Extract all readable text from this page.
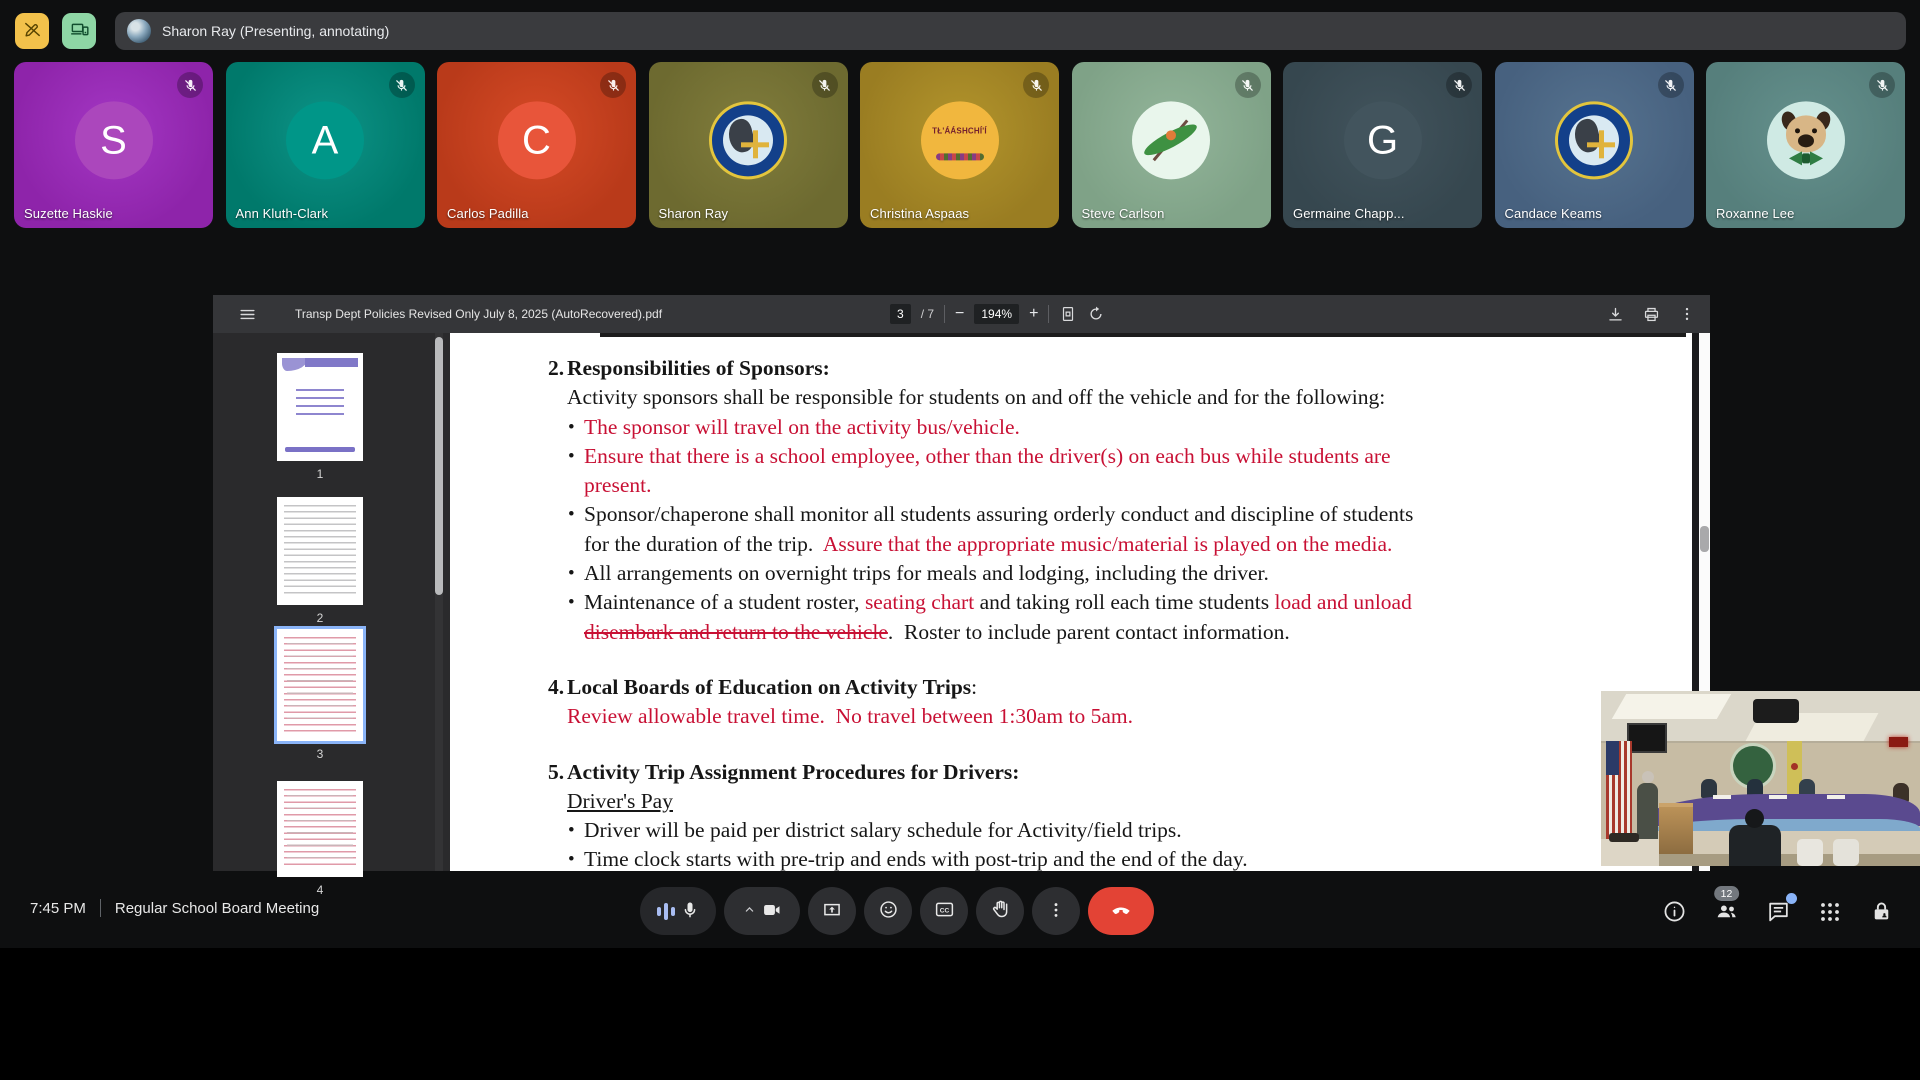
Sharon Ray (Presenting, annotating)
S
Suzette Haskie
A
Ann Kluth-Clark
C
Carlos Padilla	Sharon Ray
TŁ'ÁÁSHCHÍ'Í
Christina Aspaas	Steve Carlson
G
Germaine Chapp...	Candace Keams	Roxanne Lee
Transp Dept Policies Revised Only July 8, 2025 (AutoRecovered).pdf	3	/ 7 −	194%	+
1
2
3
4
2. Responsibilities of Sponsors:
Activity sponsors shall be responsible for students on and off the vehicle and for the following:
• The sponsor will travel on the activity bus/vehicle.
• Ensure that there is a school employee, other than the driver(s) on each bus while students are
present.
• Sponsor/chaperone shall monitor all students assuring orderly conduct and discipline of students
for the duration of the trip.  Assure that the appropriate music/material is played on the media.
• All arrangements on overnight trips for meals and lodging, including the driver.
• Maintenance of a student roster, seating chart and taking roll each time students load and unload
disembark and return to the vehicle.  Roster to include parent contact information.
4. Local Boards of Education on Activity Trips:
Review allowable travel time.  No travel between 1:30am to 5am.
5. Activity Trip Assignment Procedures for Drivers:
Driver's Pay
• Driver will be paid per district salary schedule for Activity/field trips.
• Time clock starts with pre-trip and ends with post-trip and the end of the day.
7:45 PM Regular School Board Meeting	CC
12
